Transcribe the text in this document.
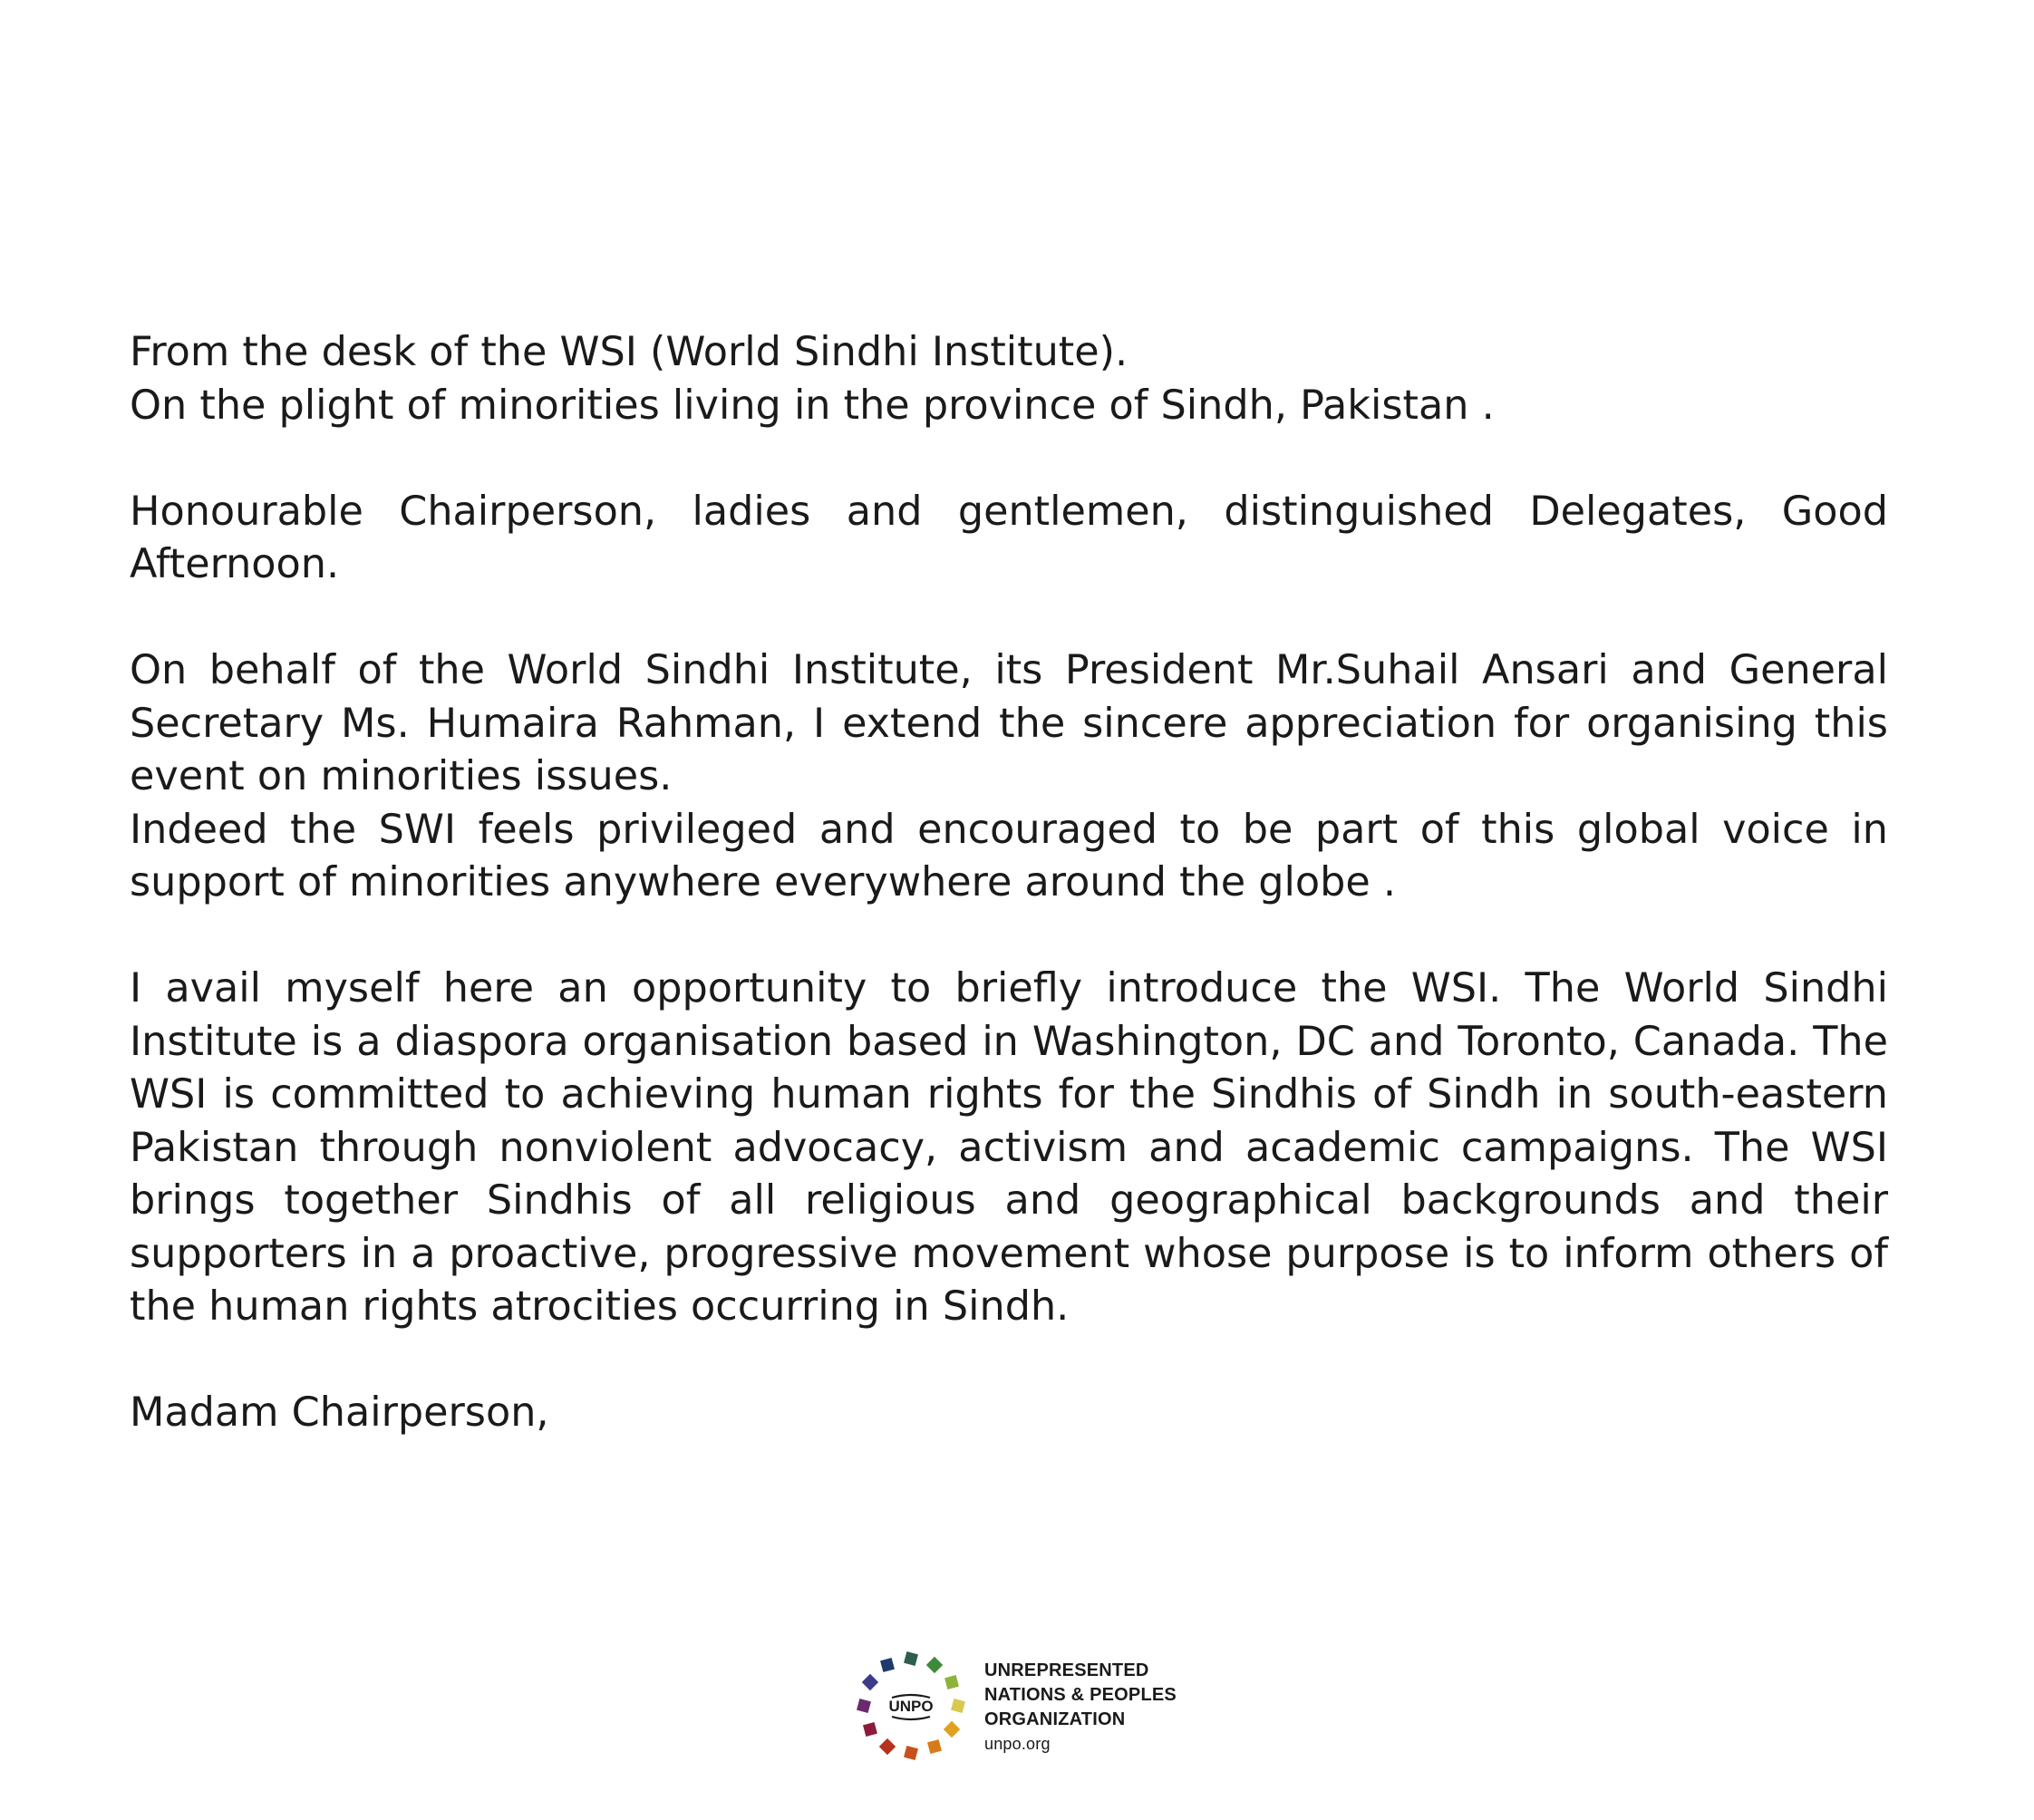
From the desk of the WSI (World Sindhi Institute).

On the plight of minorities living in the province of Sindh, Pakistan .

Honourable Chairperson, ladies and gentlemen, distinguished Delegates, Good Afternoon.

On behalf of the World Sindhi Institute, its President Mr.Suhail Ansari and General Secretary Ms. Humaira Rahman, I extend the sincere appreciation for organising this event on minorities issues.

Indeed the SWI feels privileged and encouraged to be part of this global voice in support of minorities anywhere everywhere around the globe .

I avail myself here an opportunity to briefly introduce the WSI. The World Sindhi Institute is a diaspora organisation based in Washington, DC and Toronto, Canada. The WSI is committed to achieving human rights for the Sindhis of Sindh in south-eastern Pakistan through nonviolent advocacy, activism and academic campaigns. The WSI brings together Sindhis of all religious and geographical backgrounds and their supporters in a proactive, progressive movement whose purpose is to inform others of the human rights atrocities occurring in Sindh.

Madam Chairperson,

UNPO
UNREPRESENTED
NATIONS & PEOPLES
ORGANIZATION
unpo.org
